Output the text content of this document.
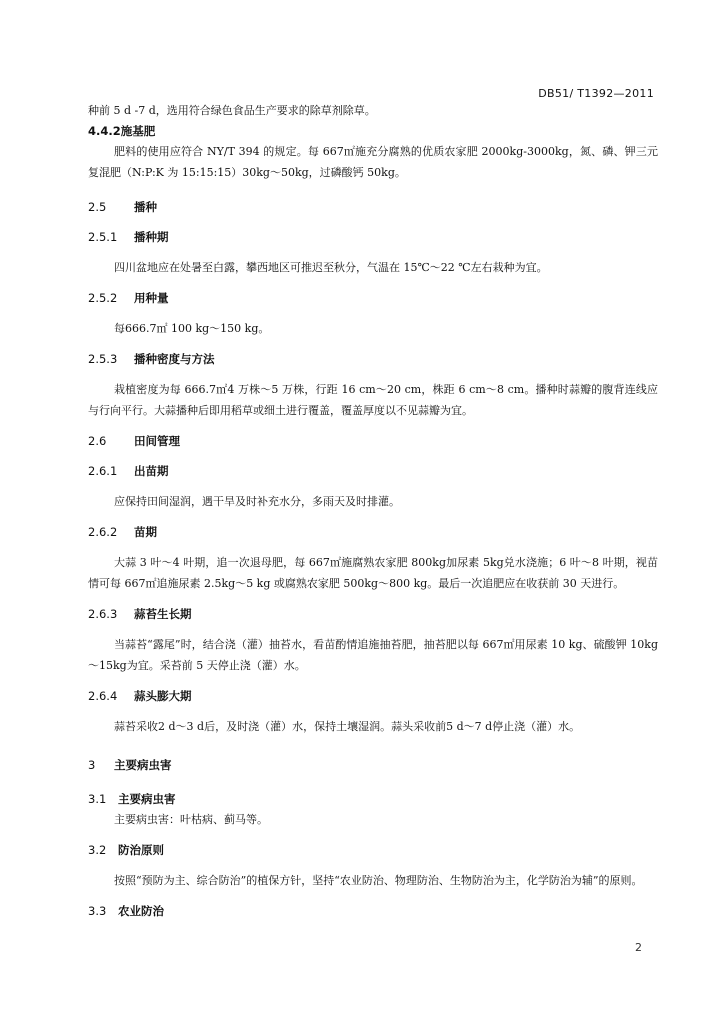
DB51/ T1392—2011

种前 5 d -7 d，选用符合绿色食品生产要求的除草剂除草。

4.4.2施基肥

肥料的使用应符合 NY/T 394 的规定。每 667㎡施充分腐熟的优质农家肥 2000kg-3000kg，氮、磷、钾三元复混肥（N:P:K 为 15:15:15）30kg～50kg，过磷酸钙 50kg。

2.5 播种

2.5.1 播种期

四川盆地应在处暑至白露，攀西地区可推迟至秋分，气温在 15℃～22 ℃左右栽种为宜。

2.5.2 用种量

每666.7㎡ 100 kg～150 kg。

2.5.3 播种密度与方法

栽植密度为每 666.7㎡4 万株～5 万株，行距 16 cm～20 cm，株距 6 cm～8 cm。播种时蒜瓣的腹背连线应与行向平行。大蒜播种后即用稻草或细土进行覆盖，覆盖厚度以不见蒜瓣为宜。

2.6 田间管理

2.6.1 出苗期

应保持田间湿润，遇干旱及时补充水分，多雨天及时排灌。

2.6.2 苗期

大蒜 3 叶～4 叶期，追一次退母肥，每 667㎡施腐熟农家肥 800kg加尿素 5kg兑水浇施；6 叶～8 叶期，视苗情可每 667㎡追施尿素 2.5kg～5 kg 或腐熟农家肥 500kg～800 kg。最后一次追肥应在收获前 30 天进行。

2.6.3 蒜苔生长期

当蒜苔“露尾”时，结合浇（灌）抽苔水，看苗酌情追施抽苔肥，抽苔肥以每 667㎡用尿素 10 kg、硫酸钾 10kg～15kg为宜。采苔前 5 天停止浇（灌）水。

2.6.4 蒜头膨大期

蒜苔采收2 d～3 d后，及时浇（灌）水，保持土壤湿润。蒜头采收前5 d～7 d停止浇（灌）水。

3 主要病虫害

3.1 主要病虫害

主要病虫害：叶枯病、蓟马等。

3.2 防治原则

按照“预防为主、综合防治”的植保方针，坚持“农业防治、物理防治、生物防治为主，化学防治为辅”的原则。

3.3 农业防治

2
